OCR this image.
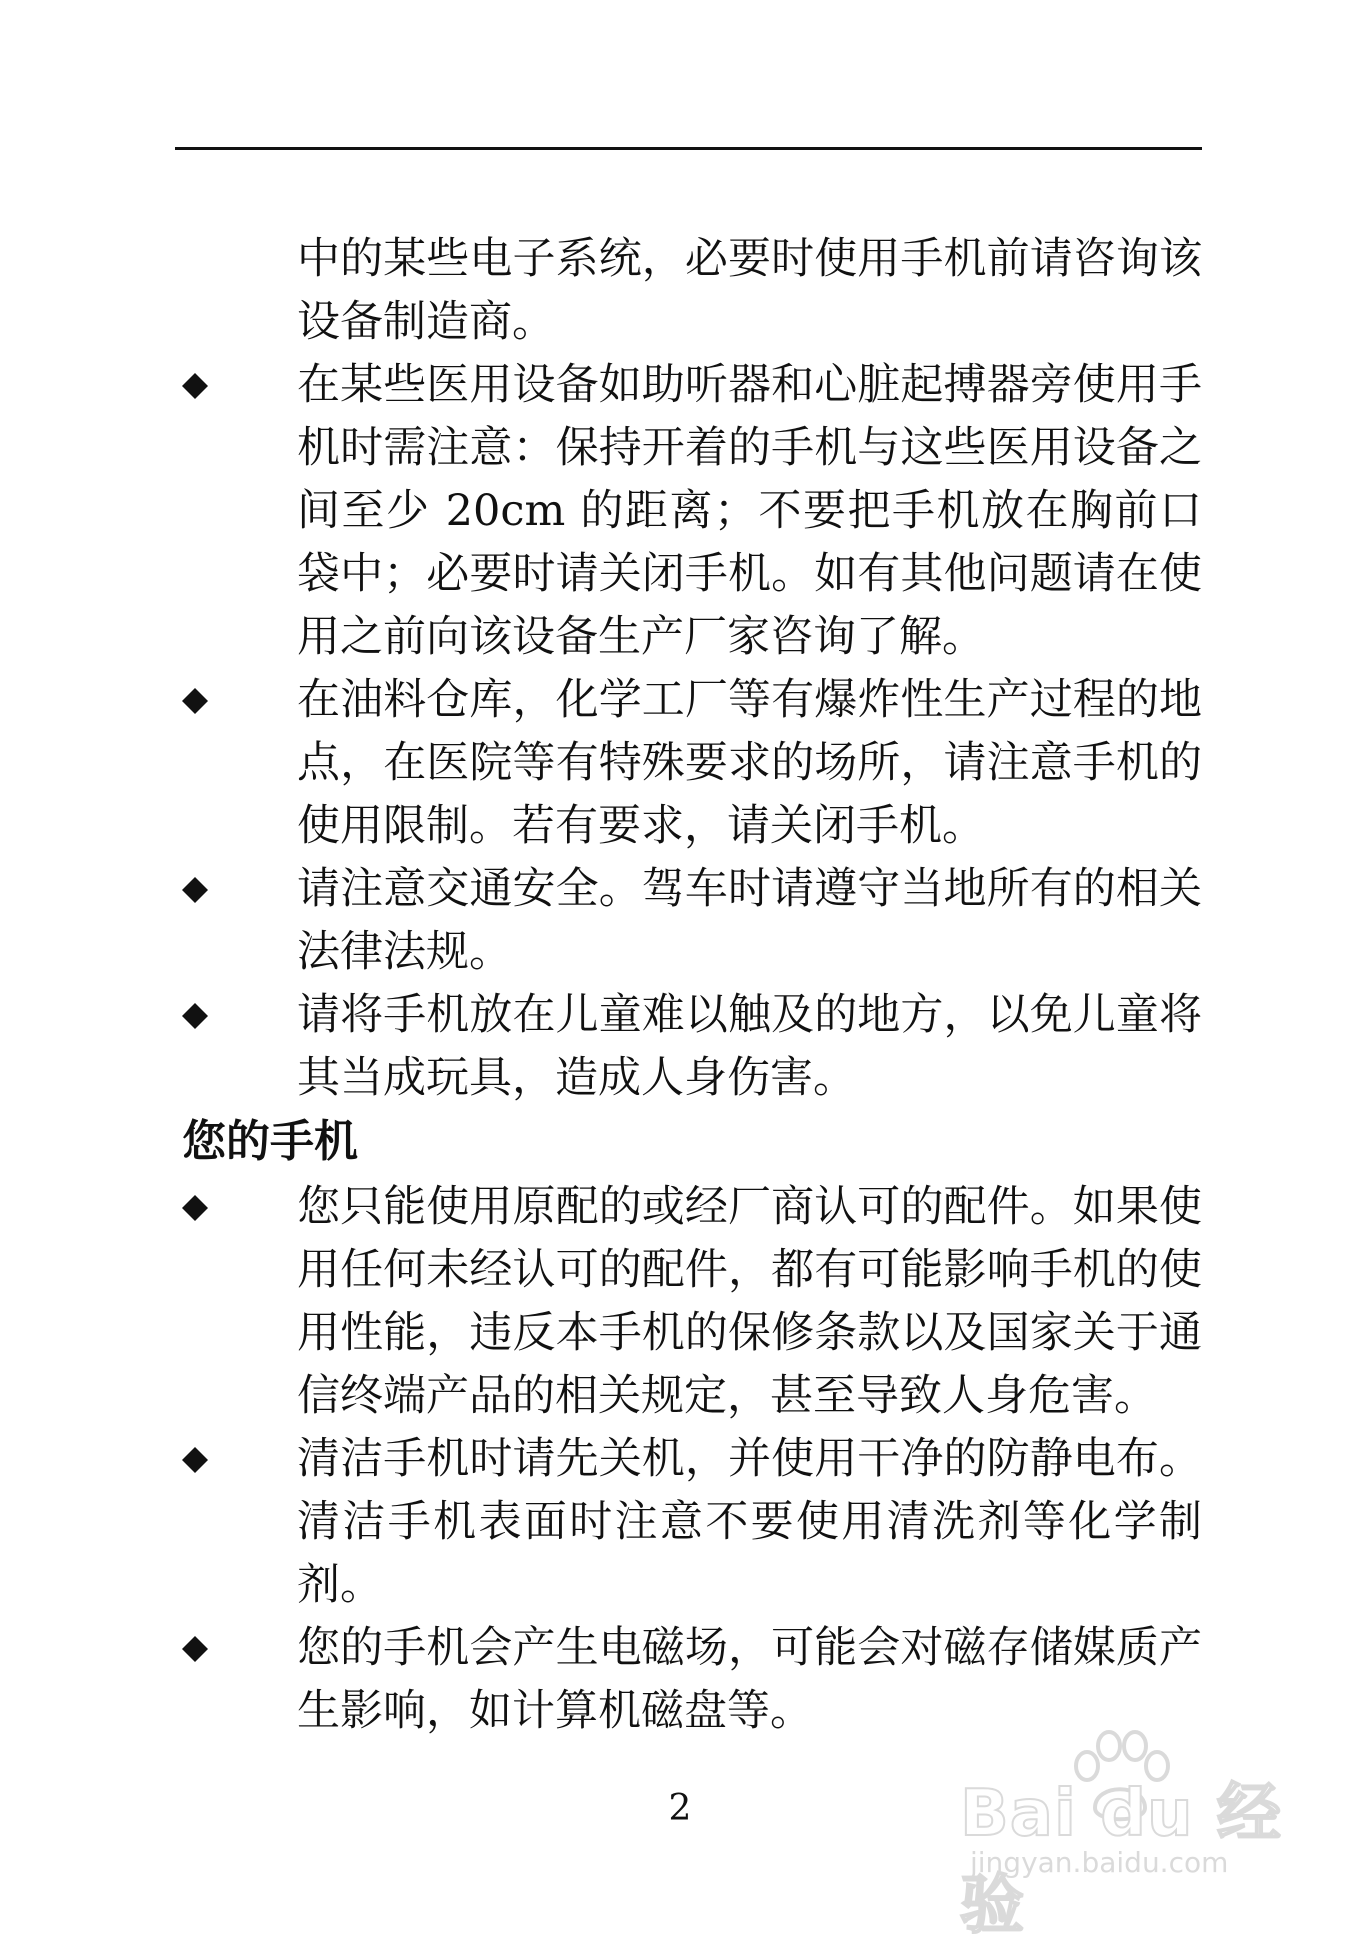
中的某些电子系统，必要时使用手机前请咨询该设备制造商。
在某些医用设备如助听器和心脏起搏器旁使用手机时需注意：保持开着的手机与这些医用设备之间至少 20cm 的距离；不要把手机放在胸前口袋中；必要时请关闭手机。如有其他问题请在使用之前向该设备生产厂家咨询了解。
在油料仓库，化学工厂等有爆炸性生产过程的地点，在医院等有特殊要求的场所，请注意手机的使用限制。若有要求，请关闭手机。
请注意交通安全。驾车时请遵守当地所有的相关法律法规。
请将手机放在儿童难以触及的地方，以免儿童将其当成玩具，造成人身伤害。
您的手机
您只能使用原配的或经厂商认可的配件。如果使用任何未经认可的配件，都有可能影响手机的使用性能，违反本手机的保修条款以及国家关于通信终端产品的相关规定，甚至导致人身危害。
清洁手机时请先关机，并使用干净的防静电布。清洁手机表面时注意不要使用清洗剂等化学制剂。
您的手机会产生电磁场，可能会对磁存储媒质产生影响，如计算机磁盘等。
2	Bai du 经验
jingyan.baidu.com
